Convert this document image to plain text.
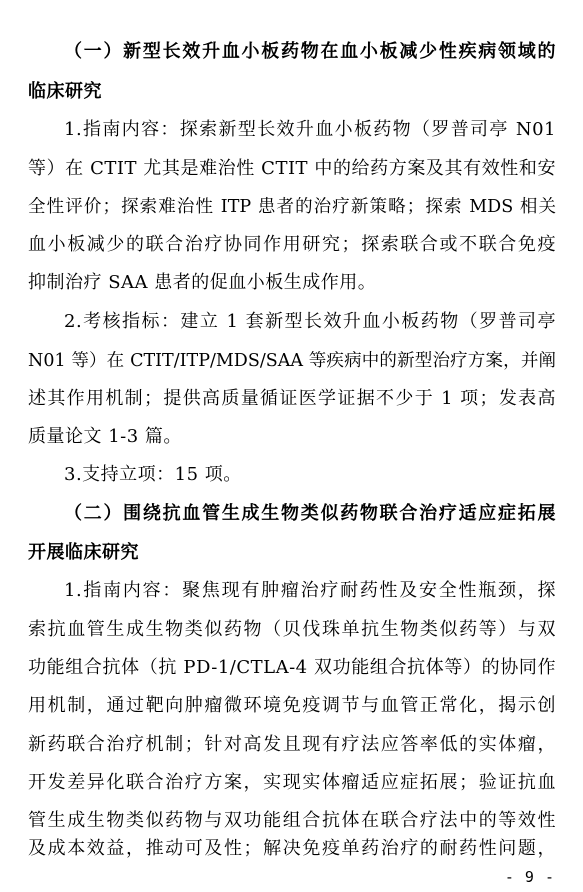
（一）新型长效升血小板药物在血小板减少性疾病领域的
临床研究
1.指南内容：探索新型长效升血小板药物（罗普司亭 N01
等）在 CTIT 尤其是难治性 CTIT 中的给药方案及其有效性和安
全性评价；探索难治性 ITP 患者的治疗新策略；探索 MDS 相关
血小板减少的联合治疗协同作用研究；探索联合或不联合免疫
抑制治疗 SAA 患者的促血小板生成作用。
2.考核指标：建立 1 套新型长效升血小板药物（罗普司亭
N01 等）在 CTIT/ITP/MDS/SAA 等疾病中的新型治疗方案，并阐
述其作用机制；提供高质量循证医学证据不少于 1 项；发表高
质量论文 1-3 篇。
3.支持立项：15 项。
（二）围绕抗血管生成生物类似药物联合治疗适应症拓展
开展临床研究
1.指南内容：聚焦现有肿瘤治疗耐药性及安全性瓶颈，探
索抗血管生成生物类似药物（贝伐珠单抗生物类似药等）与双
功能组合抗体（抗 PD-1/CTLA-4 双功能组合抗体等）的协同作
用机制，通过靶向肿瘤微环境免疫调节与血管正常化，揭示创
新药联合治疗机制；针对高发且现有疗法应答率低的实体瘤，
开发差异化联合治疗方案，实现实体瘤适应症拓展；验证抗血
管生成生物类似药物与双功能组合抗体在联合疗法中的等效性
及成本效益，推动可及性；解决免疫单药治疗的耐药性问题，
- 9 -
